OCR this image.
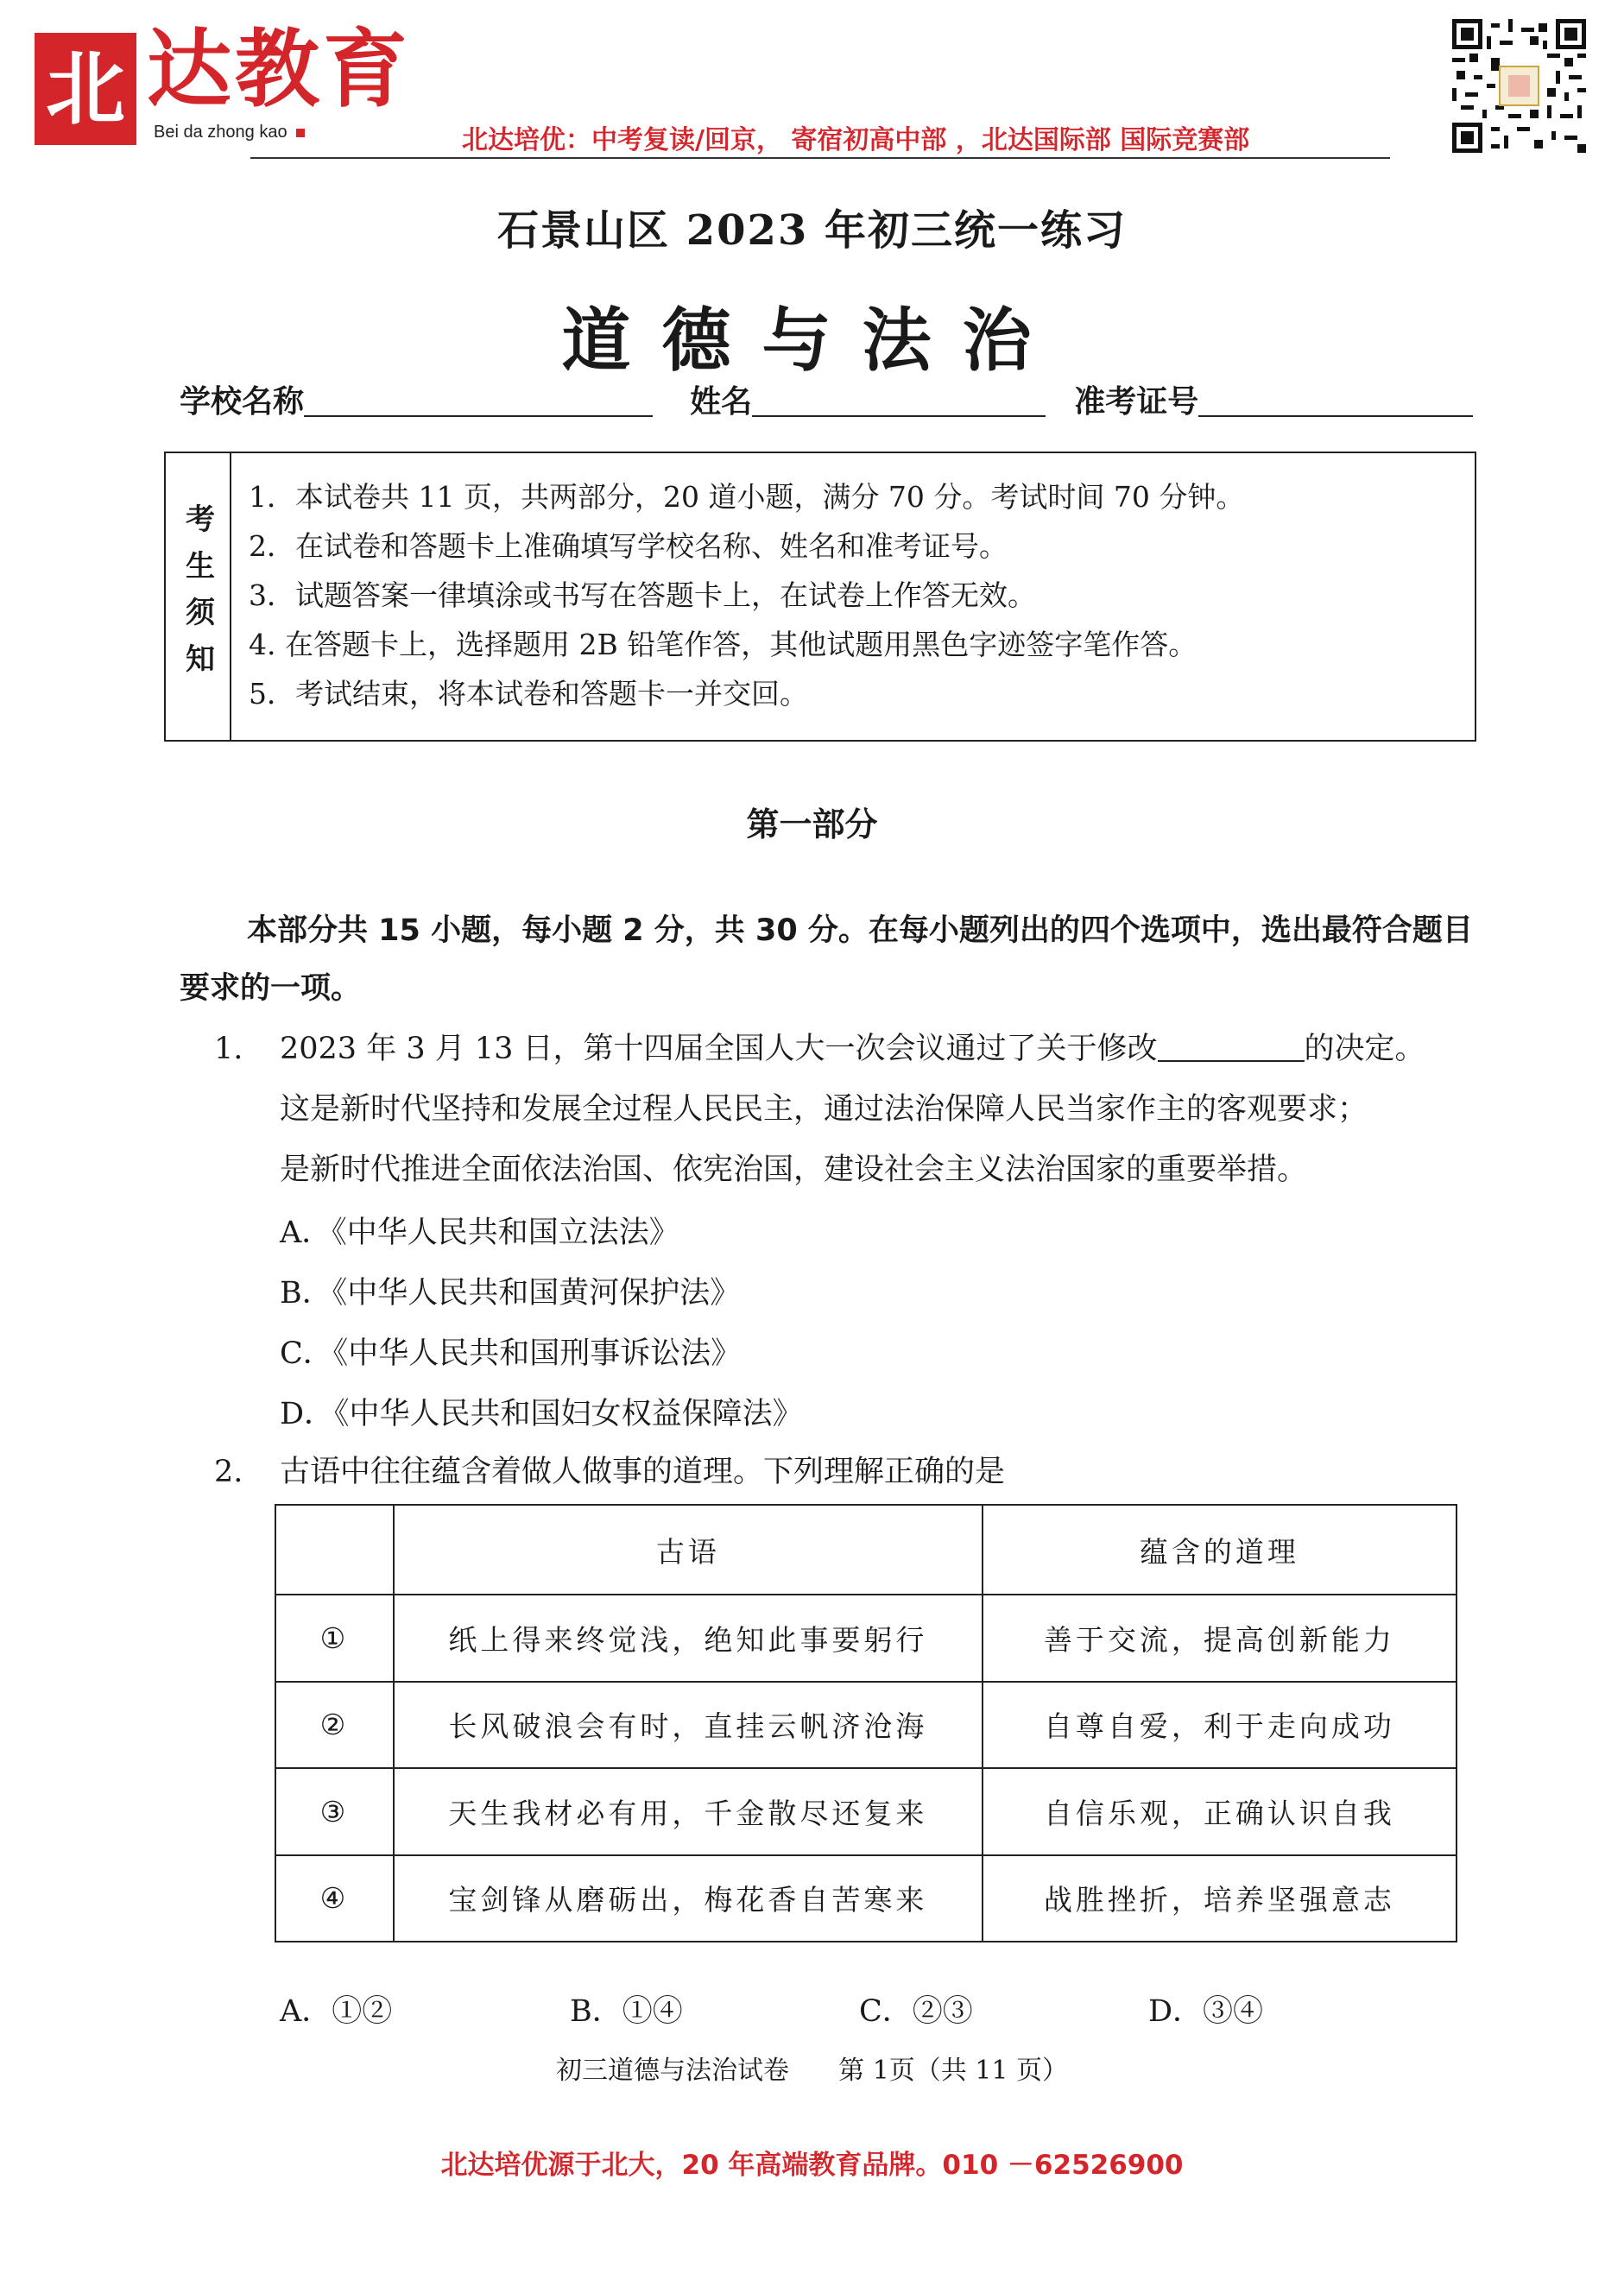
北 达教育
Bei da zhong kao	北达培优：中考复读/回京， 寄宿初高中部 ，北达国际部 国际竞赛部
石景山区 2023 年初三统一练习
道德与法治
学校名称	姓名	准考证号
考生须知
1．本试卷共 11 页，共两部分，20 道小题，满分 70 分。考试时间 70 分钟。
2．在试卷和答题卡上准确填写学校名称、姓名和准考证号。
3．试题答案一律填涂或书写在答题卡上，在试卷上作答无效。
4. 在答题卡上，选择题用 2B 铅笔作答，其他试题用黑色字迹签字笔作答。
5．考试结束，将本试卷和答题卡一并交回。
第一部分
本部分共 15 小题，每小题 2 分，共 30 分。在每小题列出的四个选项中，选出最符合题目要求的一项。
1. 2023 年 3 月 13 日，第十四届全国人大一次会议通过了关于修改	的决定。
这是新时代坚持和发展全过程人民民主，通过法治保障人民当家作主的客观要求；
是新时代推进全面依法治国、依宪治国，建设社会主义法治国家的重要举措。
A．《中华人民共和国立法法》
B．《中华人民共和国黄河保护法》
C．《中华人民共和国刑事诉讼法》
D．《中华人民共和国妇女权益保障法》
2. 古语中往往蕴含着做人做事的道理。下列理解正确的是
	古语	蕴含的道理
①	纸上得来终觉浅，绝知此事要躬行	善于交流，提高创新能力
②	长风破浪会有时，直挂云帆济沧海	自尊自爱，利于走向成功
③	天生我材必有用，千金散尽还复来	自信乐观，正确认识自我
④	宝剑锋从磨砺出，梅花香自苦寒来	战胜挫折，培养坚强意志
A．①②	B．①④	C．②③	D．③④
初三道德与法治试卷 第 1页（共 11 页）
北达培优源于北大，20 年高端教育品牌。010 －62526900
